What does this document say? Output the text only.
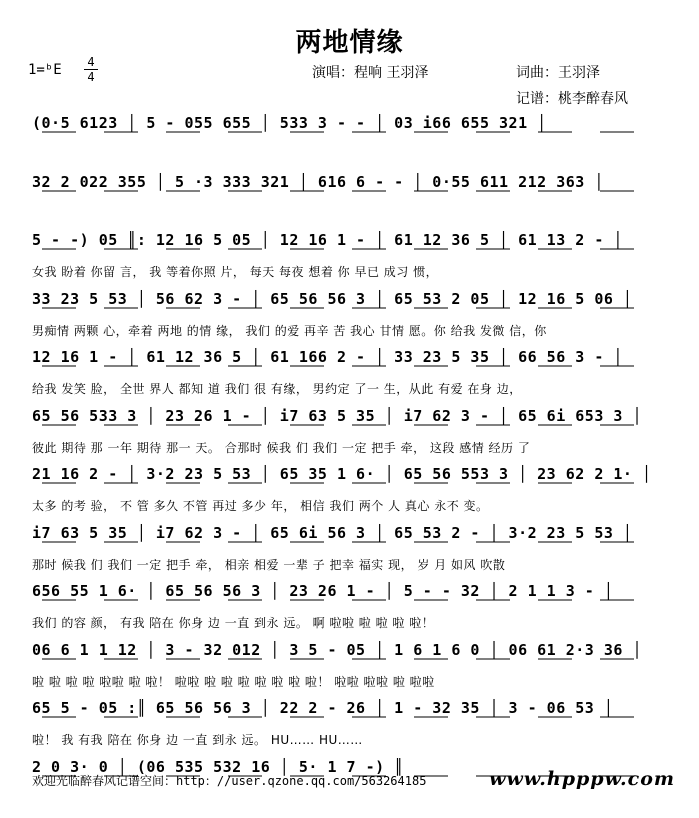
两地情缘
1=ᵇE 4
4	演唱：程响 王羽泽	词曲：王羽泽
记谱：桃李醉春风
(0·5 6123 │ 5 - 055 655 │ 533 3 - - │ 03 i66 655 321 │
32 2 022 355 │ 5 ·3 333 321 │ 616 6 - - │ 0·55 611 212 363 │
5 - -) 05 ║: 12 16 5 05 │ 12 16 1 - │ 61 12 36 5 │ 61 13 2 - │
女我 盼着 你留 言， 我 等着你照 片， 每天 每夜 想着 你 早已 成习 惯，
33 23 5 53 │ 56 62 3 - │ 65 56 56 3 │ 65 53 2 05 │ 12 16 5 06 │
男痴情 两颗 心，牵着 两地 的情 缘， 我们 的爱 再辛 苦 我心 甘情 愿。你 给我 发微 信，你
12 16 1 - │ 61 12 36 5 │ 61 166 2 - │ 33 23 5 35 │ 66 56 3 - │
给我 发笑 脸， 全世 界人 都知 道 我们 很 有缘， 男约定 了一 生，从此 有爱 在身 边，
65 56 533 3 │ 23 26 1 - │ i7 63 5 35 │ i7 62 3 - │ 65 6i 653 3 │
彼此 期待 那 一年 期待 那一 天。 合那时 候我 们 我们 一定 把手 牵， 这段 感情 经历 了
21 16 2 - │ 3·2 23 5 53 │ 65 35 1 6· │ 65 56 553 3 │ 23 62 2 1· │
太多 的考 验， 不 管 多久 不管 再过 多少 年， 相信 我们 两个 人 真心 永不 变。
i7 63 5 35 │ i7 62 3 - │ 65 6i 56 3 │ 65 53 2 - │ 3·2 23 5 53 │
那时 候我 们 我们 一定 把手 牵， 相亲 相爱 一辈 子 把幸 福实 现， 岁 月 如风 吹散
656 55 1 6· │ 65 56 56 3 │ 23 26 1 - │ 5 - - 32 │ 2 1 1 3 - │
我们 的容 颜， 有我 陪在 你身 边 一直 到永 远。 啊 啦啦 啦 啦 啦 啦！
06 6 1 1 12 │ 3 - 32 012 │ 3 5 - 05 │ 1 6 1 6 0 │ 06 61 2·3 36 │
啦 啦 啦 啦 啦啦 啦 啦！ 啦啦 啦 啦 啦 啦 啦 啦 啦！ 啦啦 啦啦 啦 啦啦
65 5 - 05 :║ 65 56 56 3 │ 22 2 - 26 │ 1 - 32 35 │ 3 - 06 53 │
啦！ 我 有我 陪在 你身 边 一直 到永 远。 HU…… HU……
2 0 3· 0 │ (06 535 532 16 │ 5· 1 7 -) ║
欢迎光临醉春风记谱空间：http：//user.qzone.qq.com/563264185	www.hpppw.com
